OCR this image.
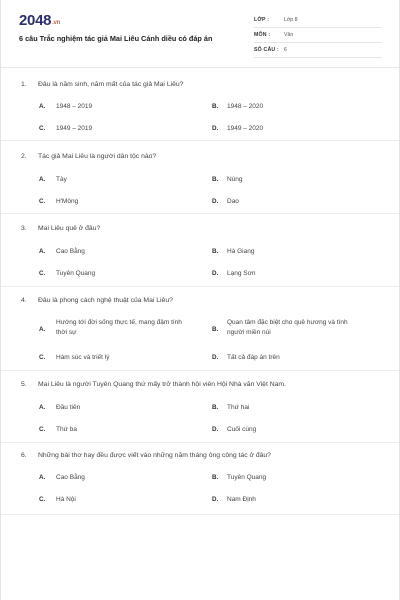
2048.vn
6 câu Trắc nghiệm tác giả Mai Liêu Cánh diều có đáp án
LỚP :	Lớp 8
MÔN :	Văn
SỐ CÂU : 6
1. Đâu là năm sinh, năm mất của tác giả Mai Liêu?
A. 1948 – 2019	B. 1948 – 2020
C. 1949 – 2019	D. 1949 – 2020
2. Tác giả Mai Liêu là người dân tộc nào?
A. Tày	B. Nùng
C. H'Mông	D. Dao
3. Mai Liêu quê ở đâu?
A. Cao Bằng	B. Hà Giang
C. Tuyên Quang	D. Lạng Sơn
4. Đâu là phong cách nghệ thuật của Mai Liêu?
A.
Hướng tới đời sống thực tế, mang đậm tính
thời sự	B.
Quan tâm đặc biệt cho quê hương và tình
người miền núi
C. Hàm súc và triết lý	D. Tất cả đáp án trên
5. Mai Liêu là người Tuyên Quang thứ mấy trở thành hội viên Hội Nhà văn Việt Nam.
A. Đầu tiên	B. Thứ hai
C. Thứ ba	D. Cuối cùng
6. Những bài thơ hay đều được viết vào những năm tháng ông công tác ở đâu?
A. Cao Bằng	B. Tuyên Quang
C. Hà Nội	D. Nam Định
